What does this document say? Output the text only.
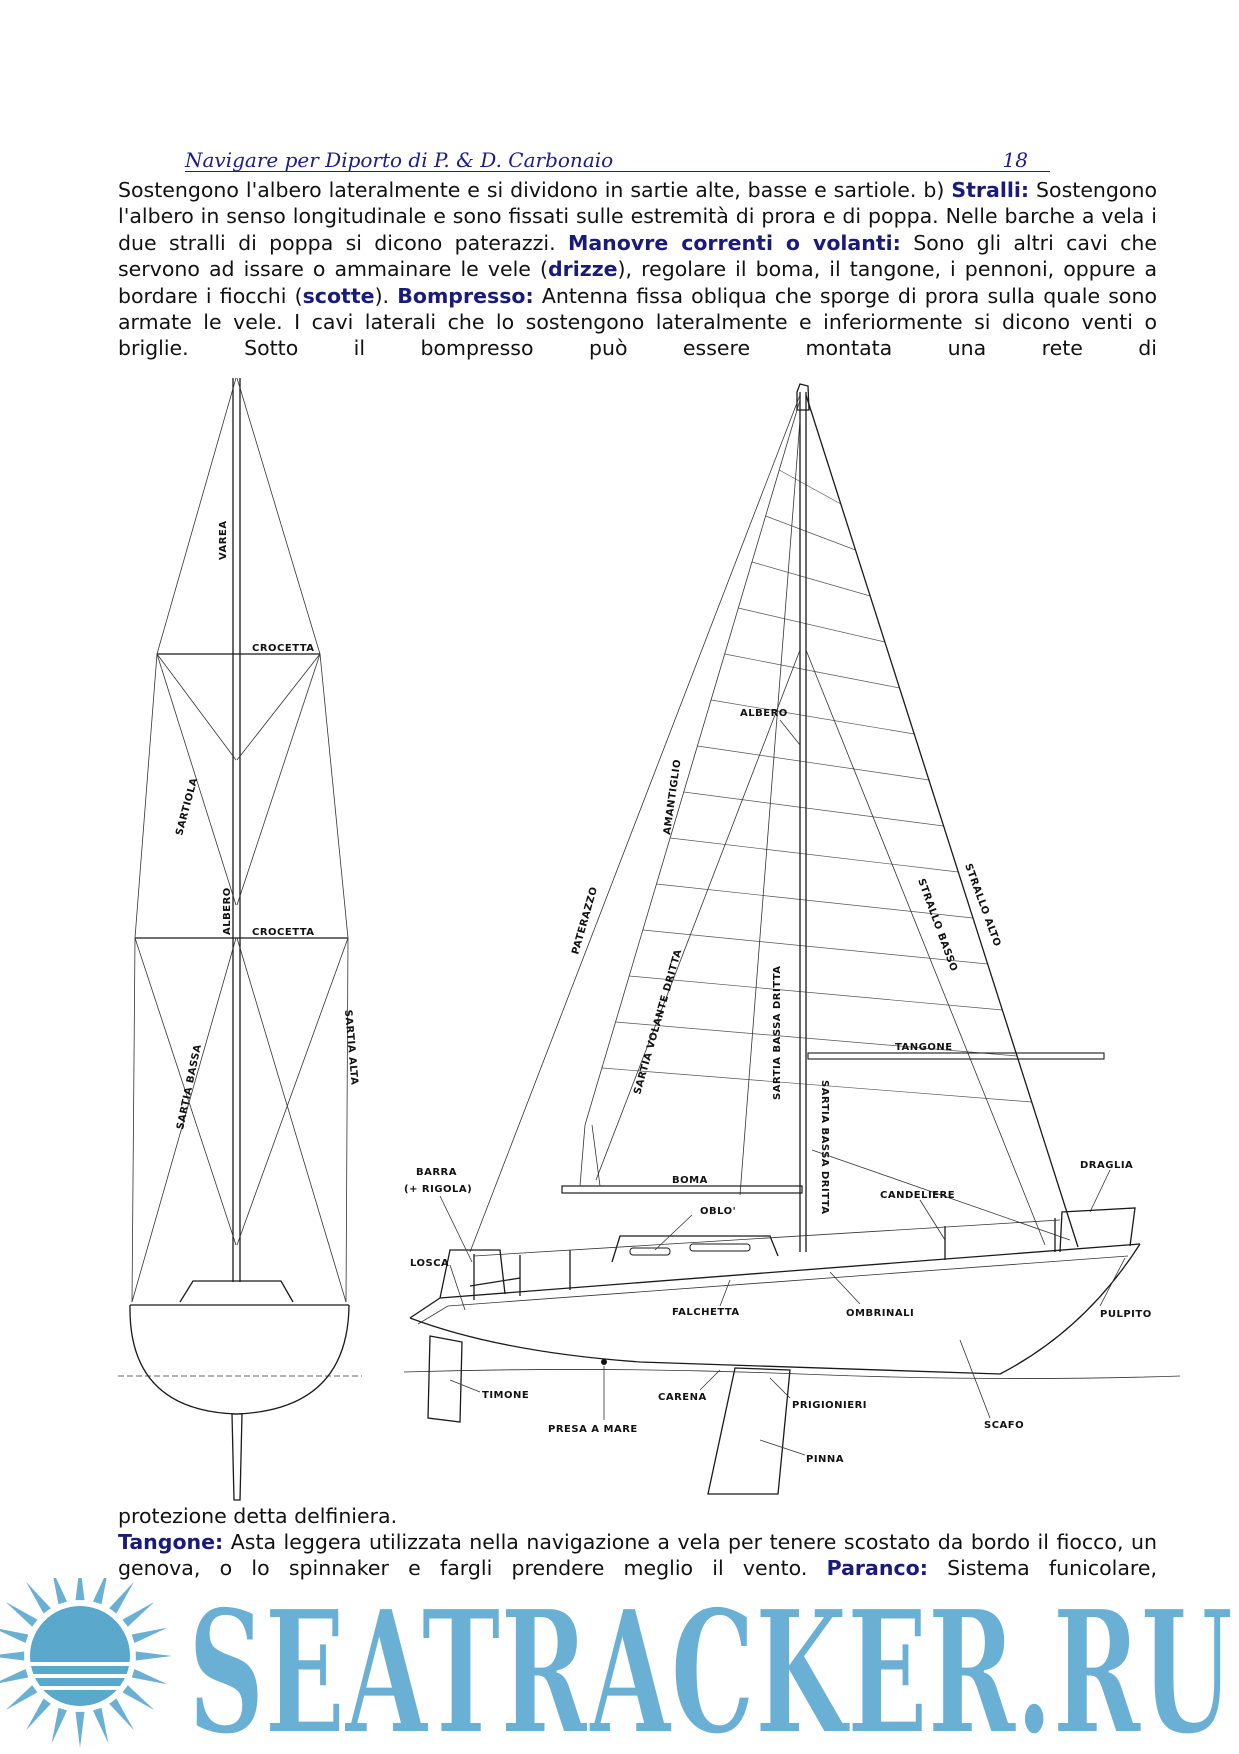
Navigare per Diporto di P. & D. Carbonaio	18
Sostengono l'albero lateralmente e si dividono in sartie alte, basse e sartiole. b) Stralli: Sostengono l'albero in senso longitudinale e sono fissati sulle estremità di prora e di poppa. Nelle barche a vela i due stralli di poppa si dicono paterazzi. Manovre correnti o volanti: Sono gli altri cavi che servono ad issare o ammainare le vele (drizze), regolare il boma, il tangone, i pennoni, oppure a bordare i fiocchi (scotte). Bompresso: Antenna fissa obliqua che sporge di prora sulla quale sono armate le vele. I cavi laterali che lo sostengono lateralmente e inferiormente si dicono venti o briglie. Sotto il bompresso può essere montata una rete di
VAREA
CROCETTA
SARTIOLA
ALBERO CROCETTA
SARTIA BASSA	SARTIA ALTA
ALBERO
AMANTIGLIO
PATERAZZO	STRALLO ALTO
STRALLO BASSO
SARTIA VOLANTE DRITTA	SARTIA BASSA DRITTA
SARTIA BASSA DRITTA
TANGONE
DRAGLIA
CANDELIERE
BOMA
BARRA
(+ RIGOLA)
LOSCA
OBLO'
FALCHETTA	OMBRINALI	PULPITO
CARENA
PRIGIONIERI
TIMONE
PRESA A MARE	SCAFO
PINNA
protezione detta delfiniera.
Tangone: Asta leggera utilizzata nella navigazione a vela per tenere scostato da bordo il fiocco, un genova, o lo spinnaker e fargli prendere meglio il vento. Paranco: Sistema funicolare,
SEATRACKER.RU
